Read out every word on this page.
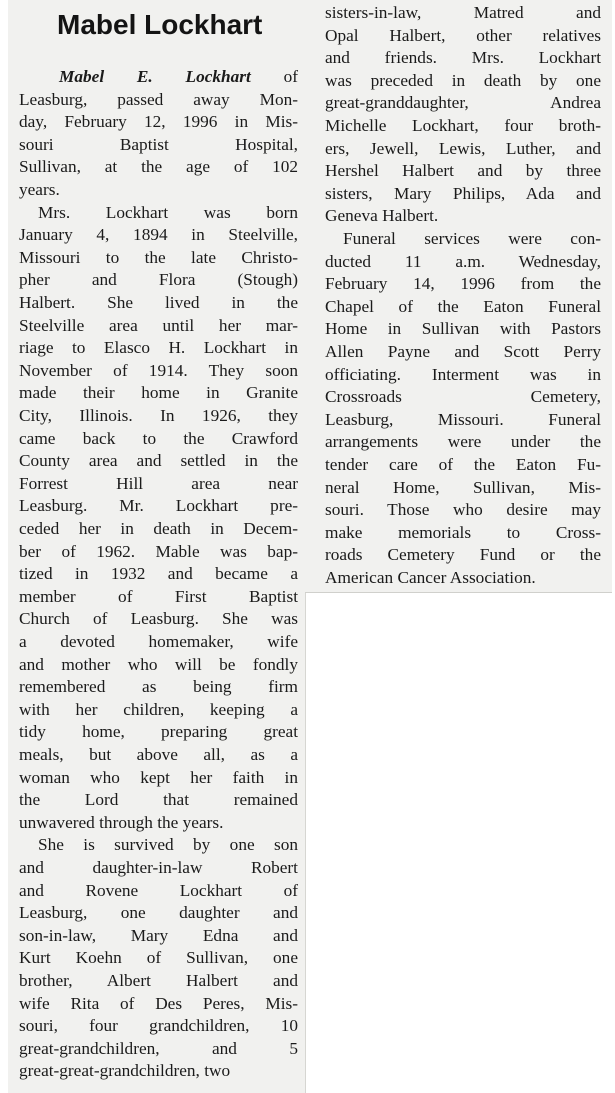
Mabel Lockhart
Mabel E. Lockhart of
Leasburg, passed away Mon-
day, February 12, 1996 in Mis-
souri Baptist Hospital,
Sullivan, at the age of 102
years.
Mrs. Lockhart was born
January 4, 1894 in Steelville,
Missouri to the late Christo-
pher and Flora (Stough)
Halbert. She lived in the
Steelville area until her mar-
riage to Elasco H. Lockhart in
November of 1914. They soon
made their home in Granite
City, Illinois. In 1926, they
came back to the Crawford
County area and settled in the
Forrest Hill area near
Leasburg. Mr. Lockhart pre-
ceded her in death in Decem-
ber of 1962. Mable was bap-
tized in 1932 and became a
member of First Baptist
Church of Leasburg. She was
a devoted homemaker, wife
and mother who will be fondly
remembered as being firm
with her children, keeping a
tidy home, preparing great
meals, but above all, as a
woman who kept her faith in
the Lord that remained
unwavered through the years.
She is survived by one son
and daughter-in-law Robert
and Rovene Lockhart of
Leasburg, one daughter and
son-in-law, Mary Edna and
Kurt Koehn of Sullivan, one
brother, Albert Halbert and
wife Rita of Des Peres, Mis-
souri, four grandchildren, 10
great-grandchildren, and 5
great-great-grandchildren, two
sisters-in-law, Matred and
Opal Halbert, other relatives
and friends. Mrs. Lockhart
was preceded in death by one
great-granddaughter, Andrea
Michelle Lockhart, four broth-
ers, Jewell, Lewis, Luther, and
Hershel Halbert and by three
sisters, Mary Philips, Ada and
Geneva Halbert.
Funeral services were con-
ducted 11 a.m. Wednesday,
February 14, 1996 from the
Chapel of the Eaton Funeral
Home in Sullivan with Pastors
Allen Payne and Scott Perry
officiating. Interment was in
Crossroads Cemetery,
Leasburg, Missouri. Funeral
arrangements were under the
tender care of the Eaton Fu-
neral Home, Sullivan, Mis-
souri. Those who desire may
make memorials to Cross-
roads Cemetery Fund or the
American Cancer Association.
